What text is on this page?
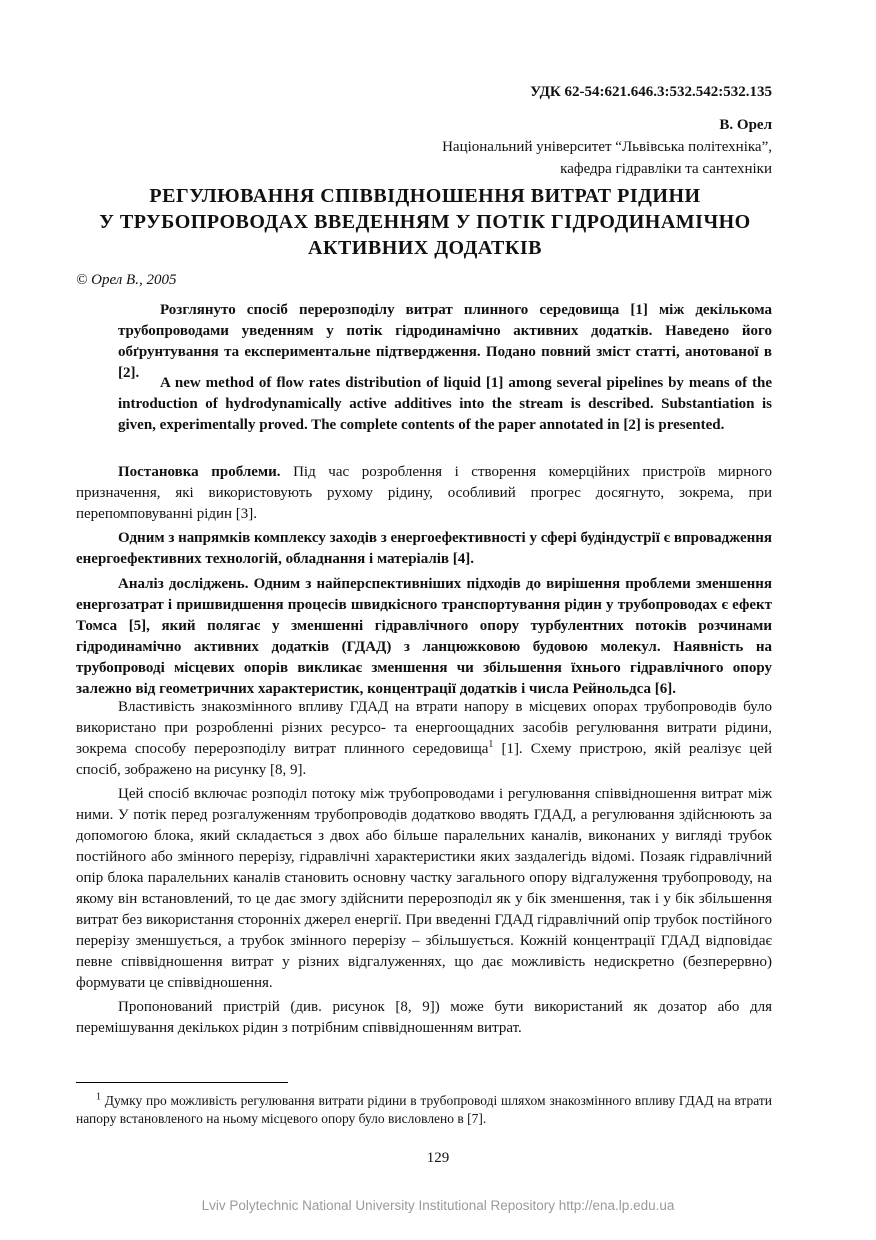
УДК 62-54:621.646.3:532.542:532.135
В. Орел
Національний університет “Львівська політехніка”,
кафедра гідравліки та сантехніки
РЕГУЛЮВАННЯ СПІВВІДНОШЕННЯ ВИТРАТ РІДИНИ
У ТРУБОПРОВОДАХ ВВЕДЕННЯМ У ПОТІК ГІДРОДИНАМІЧНО
АКТИВНИХ ДОДАТКІВ
© Орел В., 2005

Розглянуто спосіб перерозподілу витрат плинного середовища [1] між декількома трубопроводами уведенням у потік гідродинамічно активних додатків. Наведено його обґрунтування та експериментальне підтвердження. Подано повний зміст статті, анотованої в [2].

A new method of flow rates distribution of liquid [1] among several pipelines by means of the introduction of hydrodynamically active additives into the stream is described. Substantiation is given, experimentally proved. The complete contents of the paper annotated in [2] is presented.

Постановка проблеми. Під час розроблення і створення комерційних пристроїв мирного призначення, які використовують рухому рідину, особливий прогрес досягнуто, зокрема, при перепомповуванні рідин [3].

Одним з напрямків комплексу заходів з енергоефективності у сфері будіндустрії є впровадження енергоефективних технологій, обладнання і матеріалів [4].

Аналіз досліджень. Одним з найперспективніших підходів до вирішення проблеми зменшення енергозатрат і пришвидшення процесів швидкісного транспортування рідин у трубопроводах є ефект Томса [5], який полягає у зменшенні гідравлічного опору турбулентних потоків розчинами гідродинамічно активних додатків (ГДАД) з ланцюжковою будовою молекул. Наявність на трубопроводі місцевих опорів викликає зменшення чи збільшення їхнього гідравлічного опору залежно від геометричних характеристик, концентрації додатків і числа Рейнольдса [6].

Властивість знакозмінного впливу ГДАД на втрати напору в місцевих опорах трубопроводів було використано при розробленні різних ресурсо- та енергоощадних засобів регулювання витрати рідини, зокрема способу перерозподілу витрат плинного середовища$^1$ [1]. Схему пристрою, якій реалізує цей спосіб, зображено на рисунку [8, 9].

Цей спосіб включає розподіл потоку між трубопроводами і регулювання співвідношення витрат між ними. У потік перед розгалуженням трубопроводів додатково вводять ГДАД, а регулювання здійснюють за допомогою блока, який складається з двох або більше паралельних каналів, виконаних у вигляді трубок постійного або змінного перерізу, гідравлічні характеристики яких заздалегідь відомі. Позаяк гідравлічний опір блока паралельних каналів становить основну частку загального опору відгалуження трубопроводу, на якому він встановлений, то це дає змогу здійснити перерозподіл як у бік зменшення, так і у бік збільшення витрат без використання сторонніх джерел енергії. При введенні ГДАД гідравлічний опір трубок постійного перерізу зменшується, а трубок змінного перерізу – збільшується. Кожній концентрації ГДАД відповідає певне співвідношення витрат у різних відгалуженнях, що дає можливість недискретно (безперервно) формувати це співвідношення.

Пропонований пристрій (див. рисунок [8, 9]) може бути використаний як дозатор або для перемішування декількох рідин з потрібним співвідношенням витрат.

$^1$ Думку про можливість регулювання витрати рідини в трубопроводі шляхом знакозмінного впливу ГДАД на втрати напору встановленого на ньому місцевого опору було висловлено в [7].

129
Lviv Polytechnic National University Institutional Repository http://ena.lp.edu.ua
